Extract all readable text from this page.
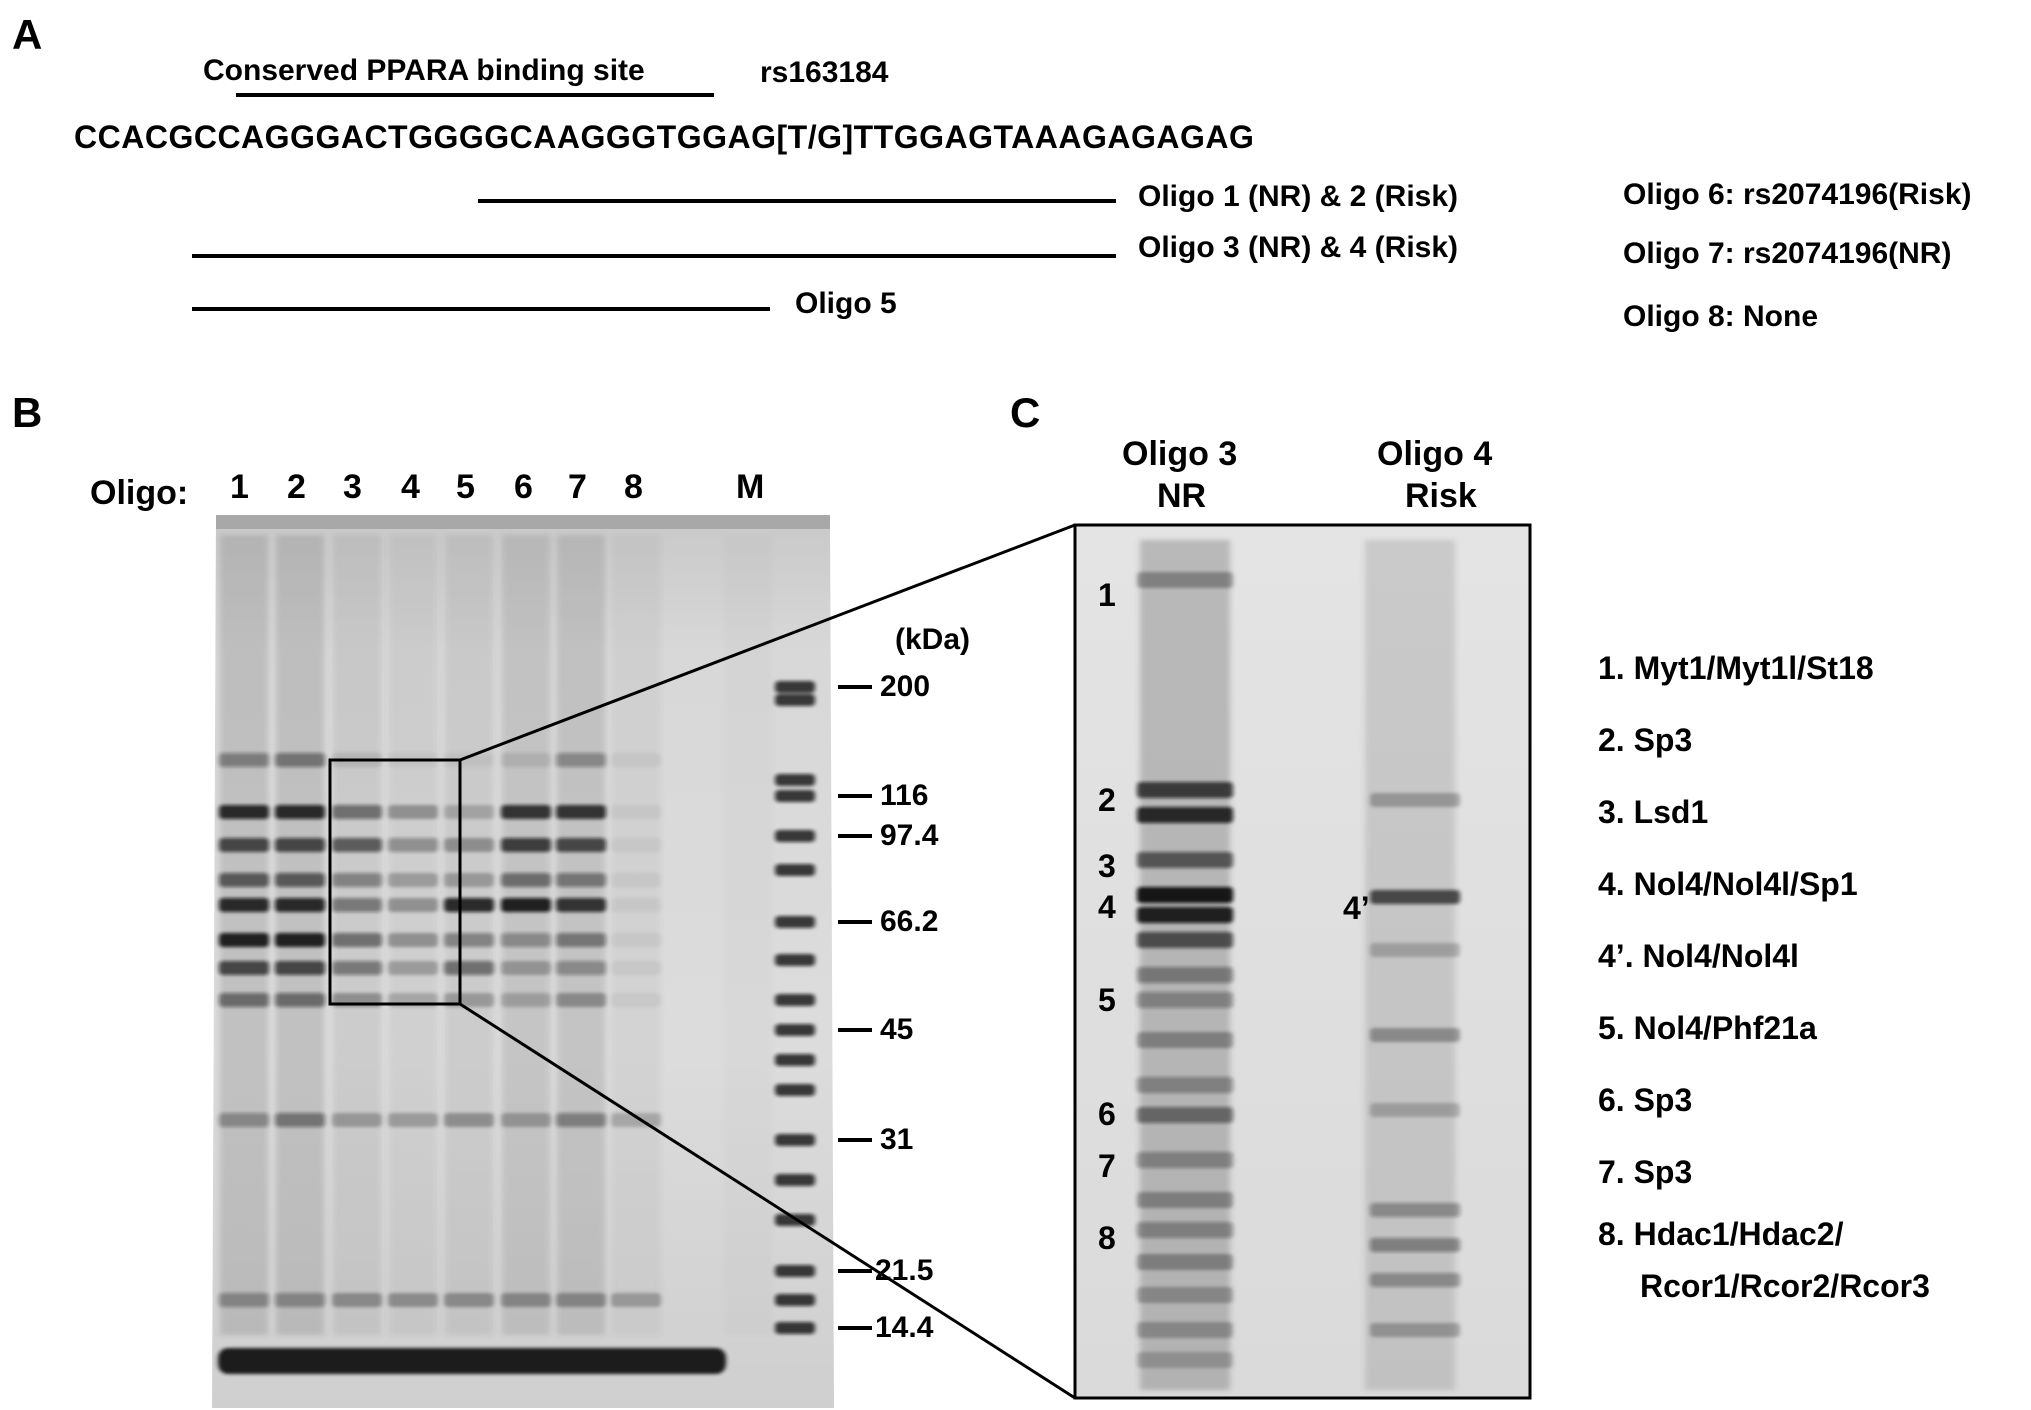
A
Conserved PPARA binding site	rs163184
CCACGCCAGGGACTGGGGCAAGGGTGGAG[T/G]TTGGAGTAAAGAGAGAG
Oligo 1 (NR) & 2 (Risk)
Oligo 3 (NR) & 4 (Risk)
Oligo 5
Oligo 6: rs2074196(Risk)
Oligo 7: rs2074196(NR)
Oligo 8: None
B
Oligo: 1 2 3 4 5 6 7 8	M
(kDa)
200
116
97.4
66.2
45
31
21.5
14.4
C
Oligo 3
NR
Oligo 4
Risk
1
2
3
4
5
6
7
8
4’
1. Myt1/Myt1l/St18
2. Sp3
3. Lsd1
4. Nol4/Nol4l/Sp1
4’. Nol4/Nol4l
5. Nol4/Phf21a
6. Sp3
7. Sp3
8. Hdac1/Hdac2/
Rcor1/Rcor2/Rcor3
